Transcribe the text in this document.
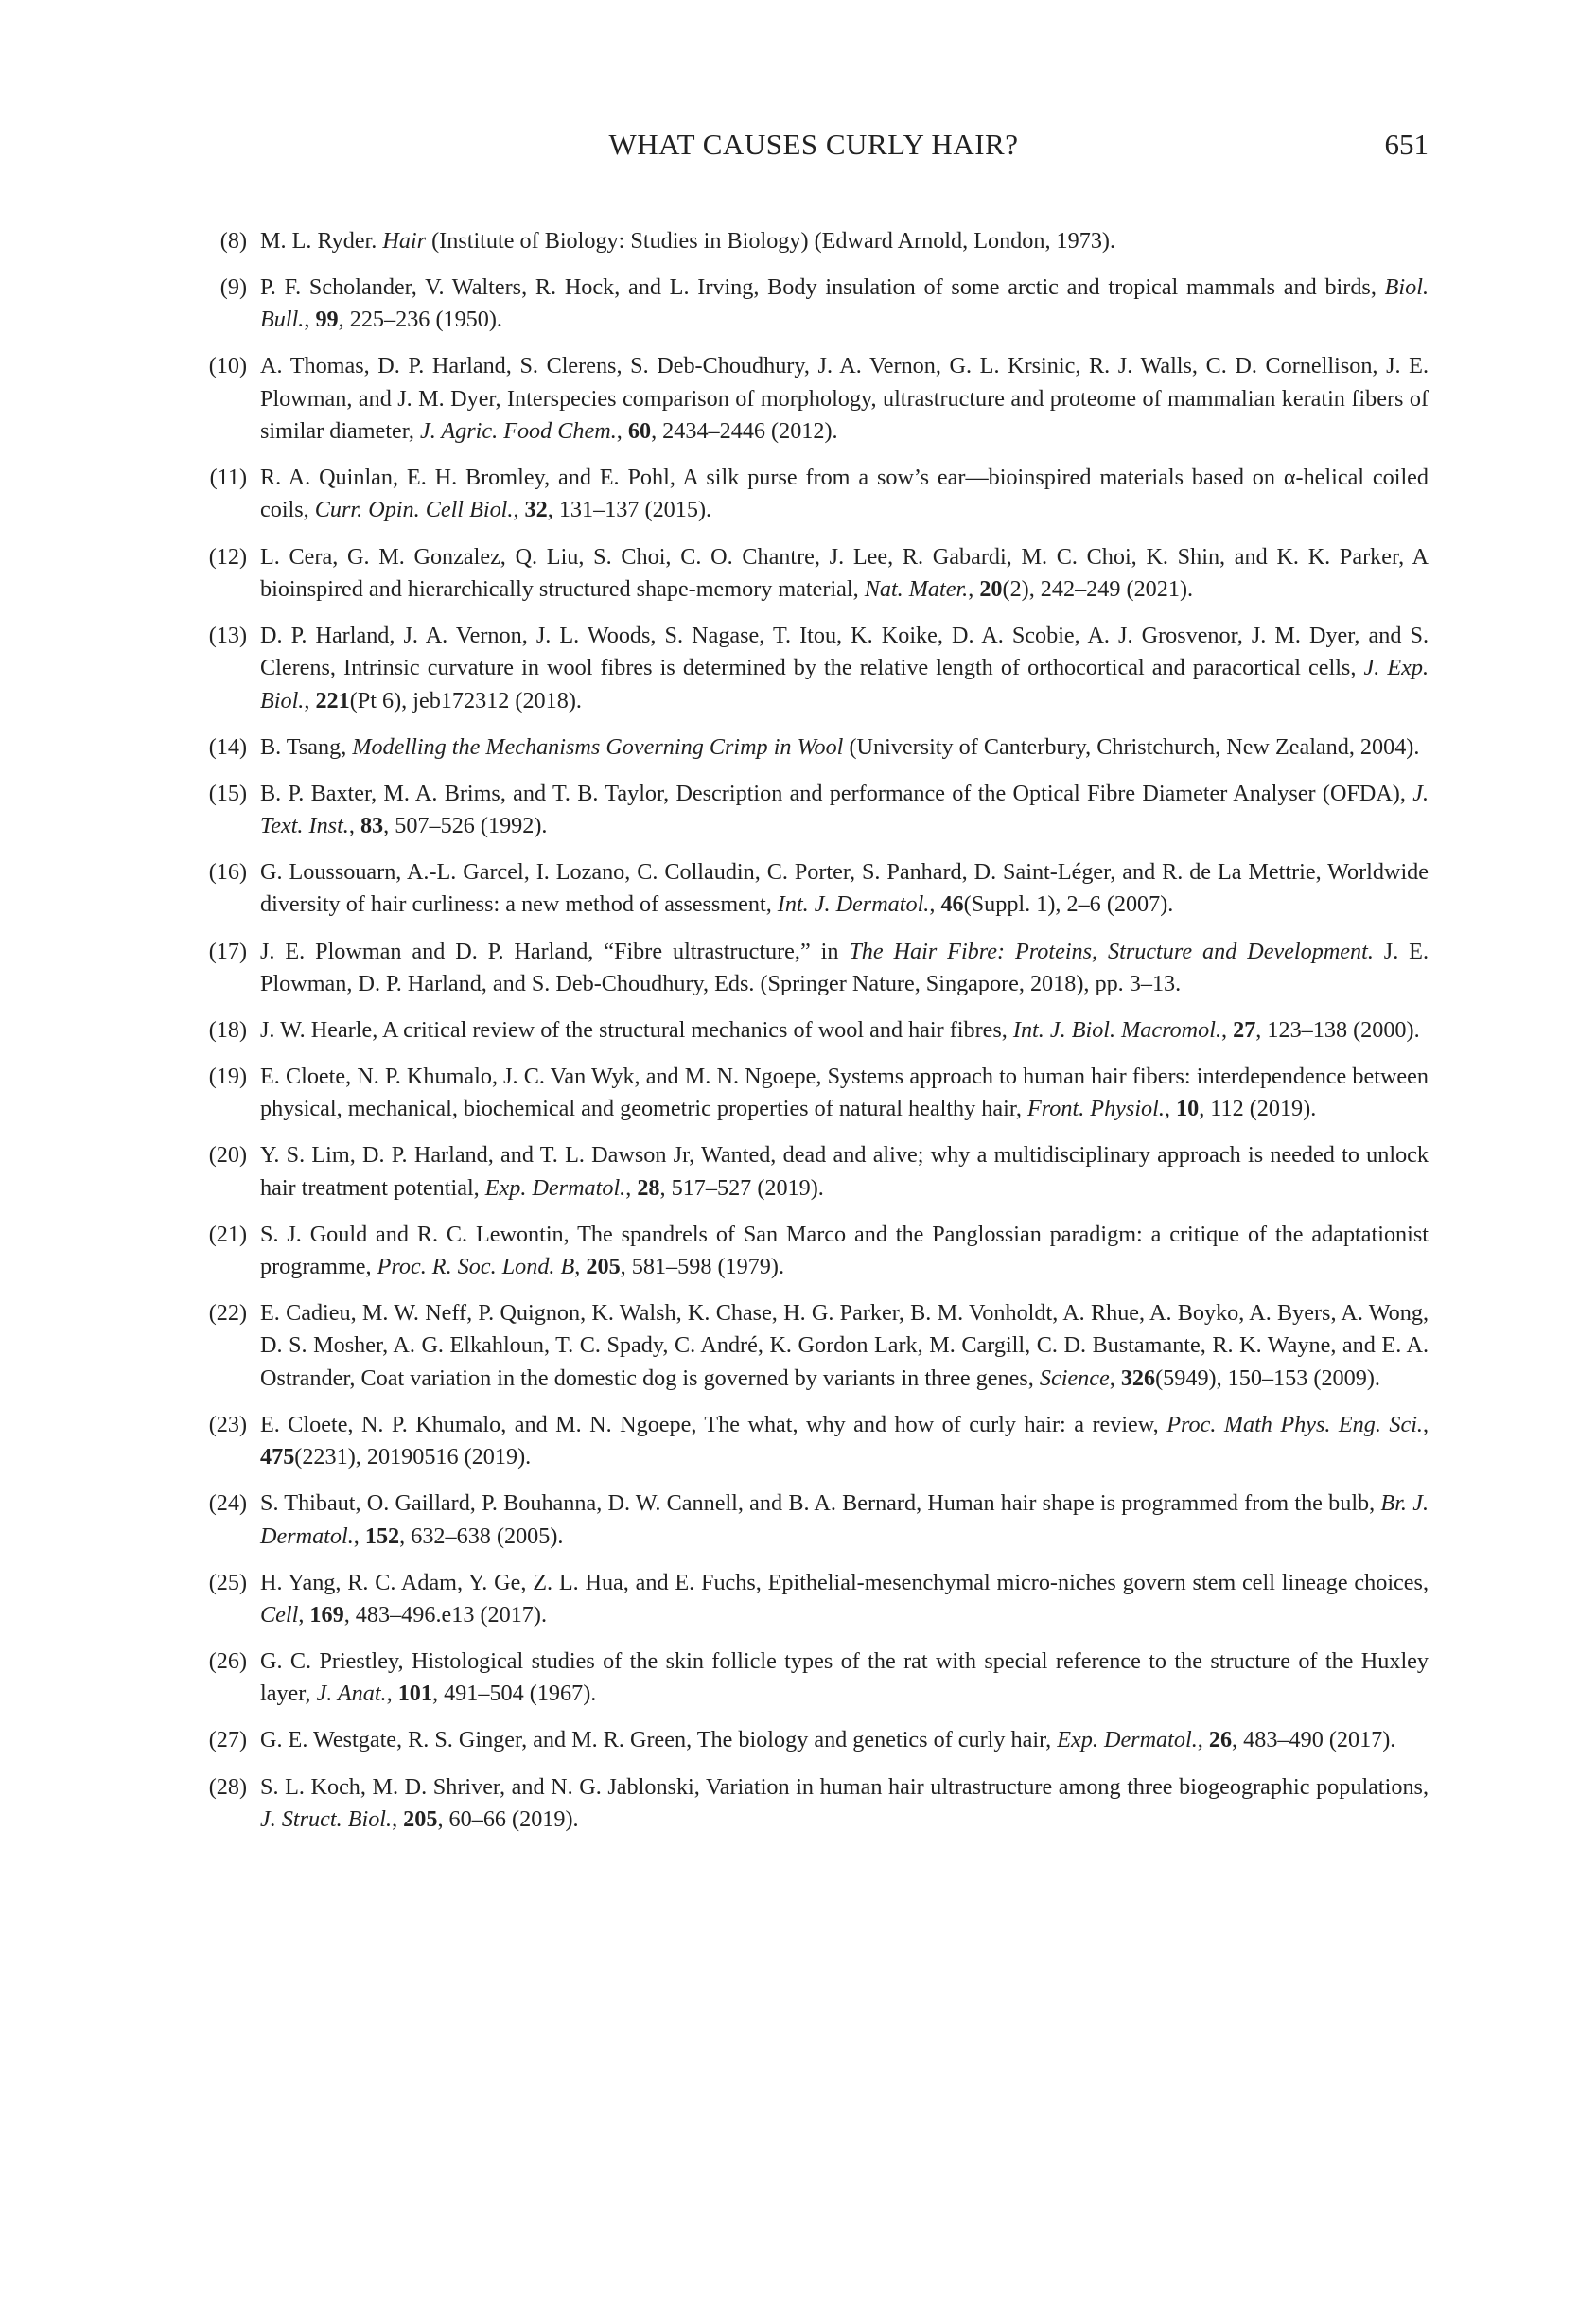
WHAT CAUSES CURLY HAIR?	651
(8) M. L. Ryder. Hair (Institute of Biology: Studies in Biology) (Edward Arnold, London, 1973).
(9) P. F. Scholander, V. Walters, R. Hock, and L. Irving, Body insulation of some arctic and tropical mammals and birds, Biol. Bull., 99, 225–236 (1950).
(10) A. Thomas, D. P. Harland, S. Clerens, S. Deb-Choudhury, J. A. Vernon, G. L. Krsinic, R. J. Walls, C. D. Cornellison, J. E. Plowman, and J. M. Dyer, Interspecies comparison of morphology, ultrastructure and proteome of mammalian keratin fibers of similar diameter, J. Agric. Food Chem., 60, 2434–2446 (2012).
(11) R. A. Quinlan, E. H. Bromley, and E. Pohl, A silk purse from a sow’s ear—bioinspired materials based on α-helical coiled coils, Curr. Opin. Cell Biol., 32, 131–137 (2015).
(12) L. Cera, G. M. Gonzalez, Q. Liu, S. Choi, C. O. Chantre, J. Lee, R. Gabardi, M. C. Choi, K. Shin, and K. K. Parker, A bioinspired and hierarchically structured shape-memory material, Nat. Mater., 20(2), 242–249 (2021).
(13) D. P. Harland, J. A. Vernon, J. L. Woods, S. Nagase, T. Itou, K. Koike, D. A. Scobie, A. J. Grosvenor, J. M. Dyer, and S. Clerens, Intrinsic curvature in wool fibres is determined by the relative length of orthocortical and paracortical cells, J. Exp. Biol., 221(Pt 6), jeb172312 (2018).
(14) B. Tsang, Modelling the Mechanisms Governing Crimp in Wool (University of Canterbury, Christchurch, New Zealand, 2004).
(15) B. P. Baxter, M. A. Brims, and T. B. Taylor, Description and performance of the Optical Fibre Diameter Analyser (OFDA), J. Text. Inst., 83, 507–526 (1992).
(16) G. Loussouarn, A.-L. Garcel, I. Lozano, C. Collaudin, C. Porter, S. Panhard, D. Saint-Léger, and R. de La Mettrie, Worldwide diversity of hair curliness: a new method of assessment, Int. J. Dermatol., 46(Suppl. 1), 2–6 (2007).
(17) J. E. Plowman and D. P. Harland, “Fibre ultrastructure,” in The Hair Fibre: Proteins, Structure and Development. J. E. Plowman, D. P. Harland, and S. Deb-Choudhury, Eds. (Springer Nature, Singapore, 2018), pp. 3–13.
(18) J. W. Hearle, A critical review of the structural mechanics of wool and hair fibres, Int. J. Biol. Macromol., 27, 123–138 (2000).
(19) E. Cloete, N. P. Khumalo, J. C. Van Wyk, and M. N. Ngoepe, Systems approach to human hair fibers: interdependence between physical, mechanical, biochemical and geometric properties of natural healthy hair, Front. Physiol., 10, 112 (2019).
(20) Y. S. Lim, D. P. Harland, and T. L. Dawson Jr, Wanted, dead and alive; why a multidisciplinary approach is needed to unlock hair treatment potential, Exp. Dermatol., 28, 517–527 (2019).
(21) S. J. Gould and R. C. Lewontin, The spandrels of San Marco and the Panglossian paradigm: a critique of the adaptationist programme, Proc. R. Soc. Lond. B, 205, 581–598 (1979).
(22) E. Cadieu, M. W. Neff, P. Quignon, K. Walsh, K. Chase, H. G. Parker, B. M. Vonholdt, A. Rhue, A. Boyko, A. Byers, A. Wong, D. S. Mosher, A. G. Elkahloun, T. C. Spady, C. André, K. Gordon Lark, M. Cargill, C. D. Bustamante, R. K. Wayne, and E. A. Ostrander, Coat variation in the domestic dog is governed by variants in three genes, Science, 326(5949), 150–153 (2009).
(23) E. Cloete, N. P. Khumalo, and M. N. Ngoepe, The what, why and how of curly hair: a review, Proc. Math Phys. Eng. Sci., 475(2231), 20190516 (2019).
(24) S. Thibaut, O. Gaillard, P. Bouhanna, D. W. Cannell, and B. A. Bernard, Human hair shape is programmed from the bulb, Br. J. Dermatol., 152, 632–638 (2005).
(25) H. Yang, R. C. Adam, Y. Ge, Z. L. Hua, and E. Fuchs, Epithelial-mesenchymal micro-niches govern stem cell lineage choices, Cell, 169, 483–496.e13 (2017).
(26) G. C. Priestley, Histological studies of the skin follicle types of the rat with special reference to the structure of the Huxley layer, J. Anat., 101, 491–504 (1967).
(27) G. E. Westgate, R. S. Ginger, and M. R. Green, The biology and genetics of curly hair, Exp. Dermatol., 26, 483–490 (2017).
(28) S. L. Koch, M. D. Shriver, and N. G. Jablonski, Variation in human hair ultrastructure among three biogeographic populations, J. Struct. Biol., 205, 60–66 (2019).
